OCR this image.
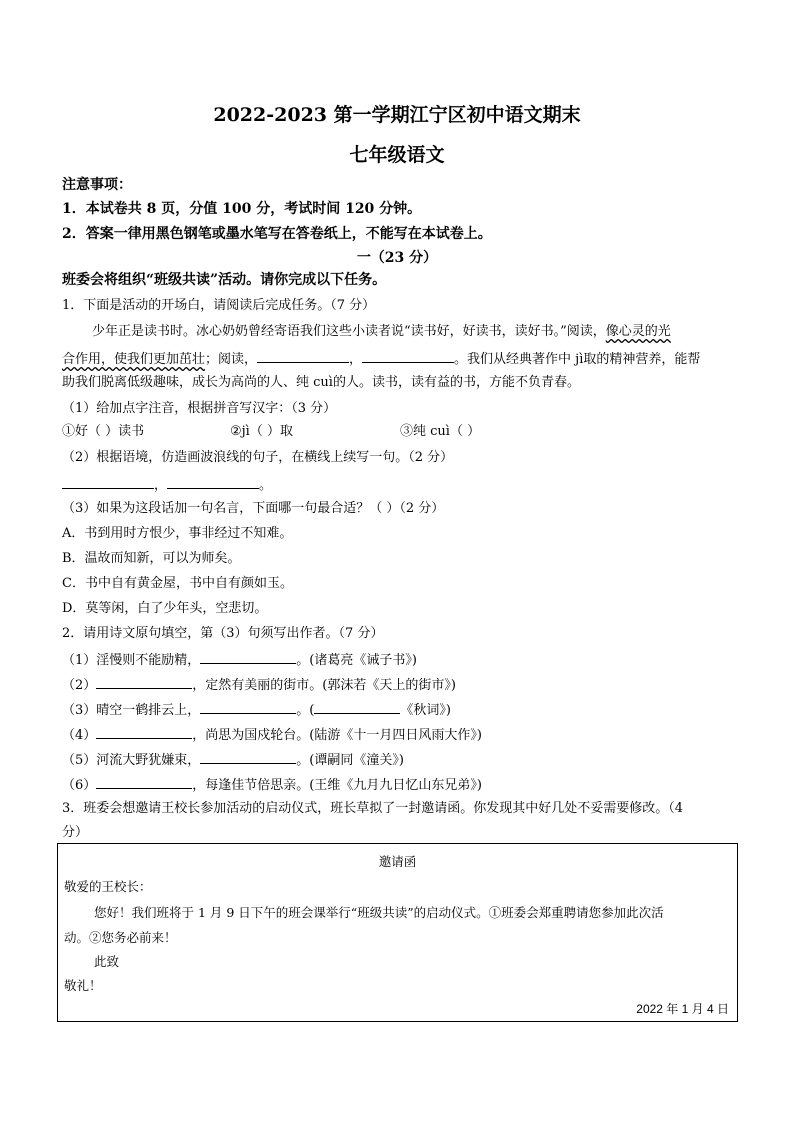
2022-2023 第一学期江宁区初中语文期末
七年级语文
注意事项：
1．本试卷共 8 页，分值 100 分，考试时间 120 分钟。
2．答案一律用黑色钢笔或墨水笔写在答卷纸上，不能写在本试卷上。
一（23 分）
班委会将组织“班级共读”活动。请你完成以下任务。
1．下面是活动的开场白，请阅读后完成任务。（7 分）
少年正是读书时。冰心奶奶曾经寄语我们这些小读者说“读书好，好读书，读好书。”阅读，像心灵的光
合作用，使我们更加茁壮；阅读，	，	。我们从经典著作中 jì取的精神营养，能帮
助我们脱离低级趣味，成长为高尚的人、纯 cuì的人。读书，读有益的书，方能不负青春。
（1）给加点字注音，根据拼音写汉字：（3 分）
①好（ ）读书	②jì（ ）取	③纯 cuì（ ）
（2）根据语境，仿造画波浪线的句子，在横线上续写一句。（2 分）
，	。
（3）如果为这段话加一句名言，下面哪一句最合适？（ ）（2 分）
A．书到用时方恨少，事非经过不知难。
B．温故而知新，可以为师矣。
C．书中自有黄金屋，书中自有颜如玉。
D．莫等闲，白了少年头，空悲切。
2．请用诗文原句填空，第（3）句须写出作者。（7 分）
（1）淫慢则不能励精，	。(诸葛亮《诫子书》)
（2）	，定然有美丽的街市。(郭沫若《天上的街市》)
（3）晴空一鹤排云上，	。(	《秋词》)
（4）	，尚思为国戍轮台。(陆游《十一月四日风雨大作》)
（5）河流大野犹嫌束，	。(谭嗣同《潼关》)
（6）	，每逢佳节倍思亲。(王维《九月九日忆山东兄弟》)
3．班委会想邀请王校长参加活动的启动仪式，班长草拟了一封邀请函。你发现其中好几处不妥需要修改。（4
分）
邀请函
敬爱的王校长：
您好！我们班将于 1 月 9 日下午的班会课举行“班级共读”的启动仪式。①班委会郑重聘请您参加此次活
动。②您务必前来！
此致
敬礼！
2022 年 1 月 4 日
